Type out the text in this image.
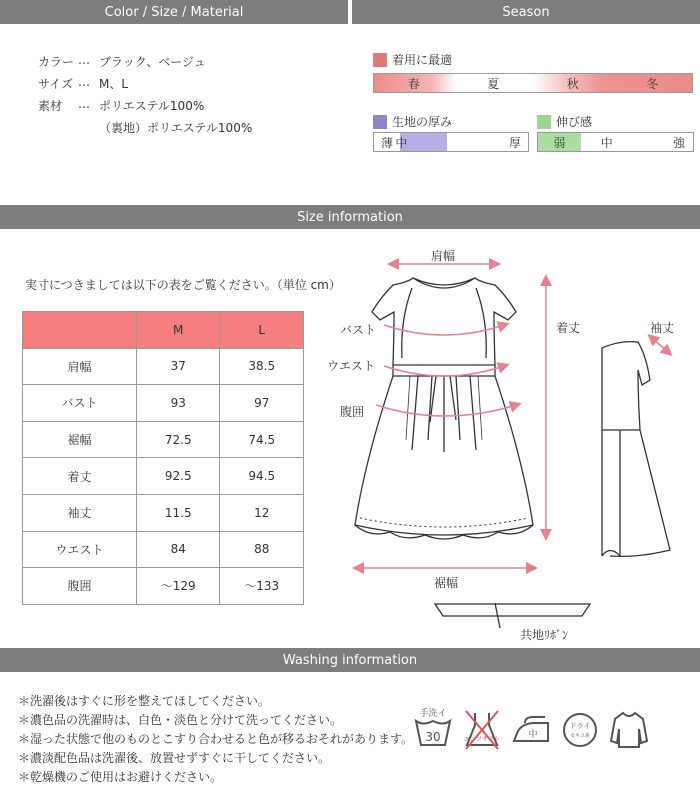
Color / Size / Material	Season
カラー … ブラック、ベージュ
サイズ … M、L
素材 … ポリエステル100%
（裏地）ポリエステル100%
着用に最適
春	夏	秋	冬
生地の厚み
薄 中	厚
伸び感
弱	中	強
Size information
実寸につきましては以下の表をご覧ください。（単位 cm）
	M	L
肩幅	37	38.5
バスト	93	97
裾幅	72.5	74.5
着丈	92.5	94.5
袖丈	11.5	12
ウエスト	84	88
腹囲	～129	～133
肩幅
バスト
ウエスト
腹囲
着丈	袖丈
裾幅
共地ﾘﾎﾞﾝ
Washing information
＊洗濯後はすぐに形を整えてほしてください。
＊濃色品の洗濯時は、白色・淡色と分けて洗ってください。
＊湿った状態で他のものとこすり合わせると色が移るおそれがあります。
＊濃淡配色品は洗濯後、放置せずすぐに干してください。
＊乾燥機のご使用はお避けください。
手洗イ
30	エンソサラシ	中
ドライ
セキユ系
